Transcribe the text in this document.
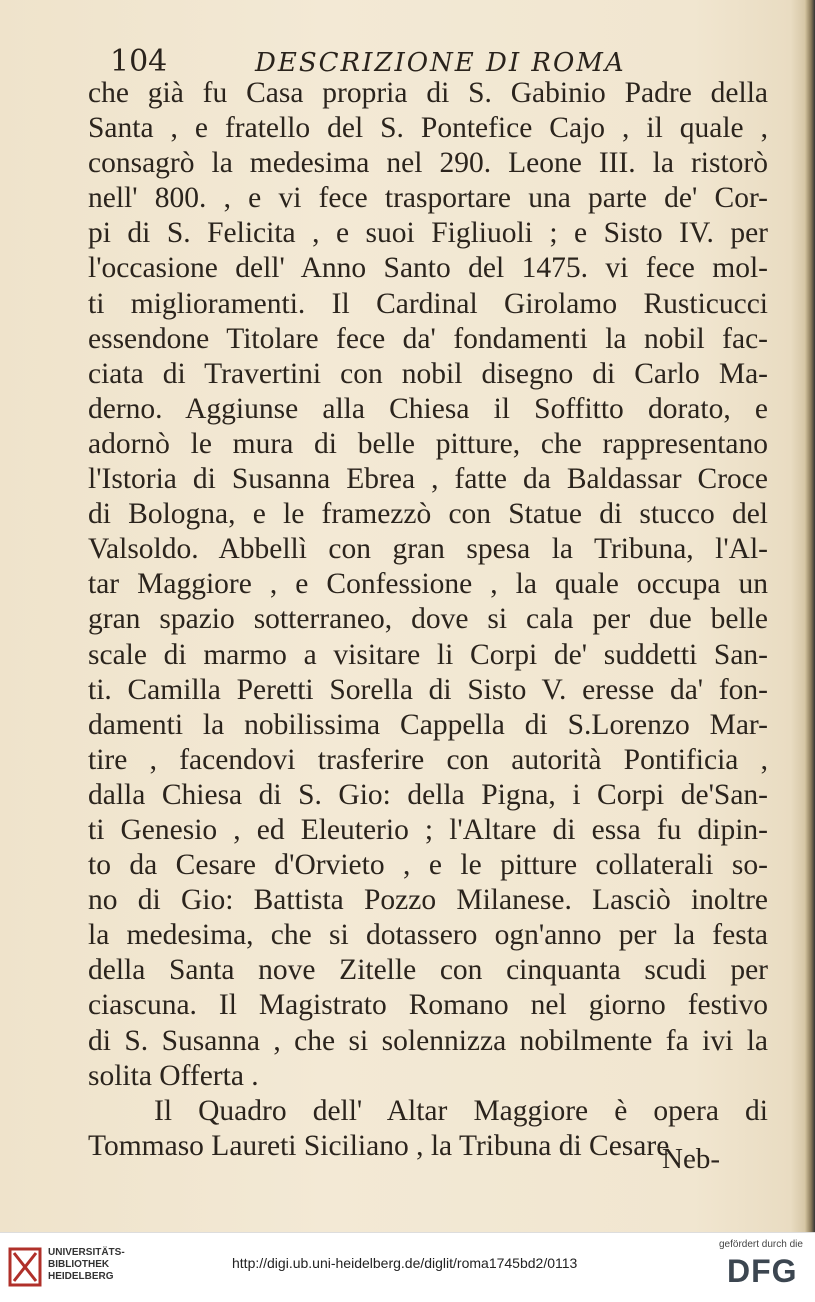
104	DESCRIZIONE DI ROMA
che già fu Casa propria di S. Gabinio Padre della
Santa , e fratello del S. Pontefice Cajo , il quale ,
consagrò la medesima nel 290. Leone III. la ristorò
nell' 800. , e vi fece trasportare una parte de' Cor-
pi di S. Felicita , e suoi Figliuoli ; e Sisto IV. per
l'occasione dell' Anno Santo del 1475. vi fece mol-
ti miglioramenti. Il Cardinal Girolamo Rusticucci
essendone Titolare fece da' fondamenti la nobil fac-
ciata di Travertini con nobil disegno di Carlo Ma-
derno. Aggiunse alla Chiesa il Soffitto dorato, e
adornò le mura di belle pitture, che rappresentano
l'Istoria di Susanna Ebrea , fatte da Baldassar Croce
di Bologna, e le framezzò con Statue di stucco del
Valsoldo. Abbellì con gran spesa la Tribuna, l'Al-
tar Maggiore , e Confessione , la quale occupa un
gran spazio sotterraneo, dove si cala per due belle
scale di marmo a visitare li Corpi de' suddetti San-
ti. Camilla Peretti Sorella di Sisto V. eresse da' fon-
damenti la nobilissima Cappella di S.Lorenzo Mar-
tire , facendovi trasferire con autorità Pontificia ,
dalla Chiesa di S. Gio: della Pigna, i Corpi de'San-
ti Genesio , ed Eleuterio ; l'Altare di essa fu dipin-
to da Cesare d'Orvieto , e le pitture collaterali so-
no di Gio: Battista Pozzo Milanese. Lasciò inoltre
la medesima, che si dotassero ogn'anno per la festa
della Santa nove Zitelle con cinquanta scudi per
ciascuna. Il Magistrato Romano nel giorno festivo
di S. Susanna , che si solennizza nobilmente fa ivi la
solita Offerta .
Il Quadro dell' Altar Maggiore è opera di
Tommaso Laureti Siciliano , la Tribuna di Cesare
Neb-
UNIVERSITÄTS-
BIBLIOTHEK
HEIDELBERG
http://digi.ub.uni-heidelberg.de/diglit/roma1745bd2/0113
gefördert durch die
DFG
